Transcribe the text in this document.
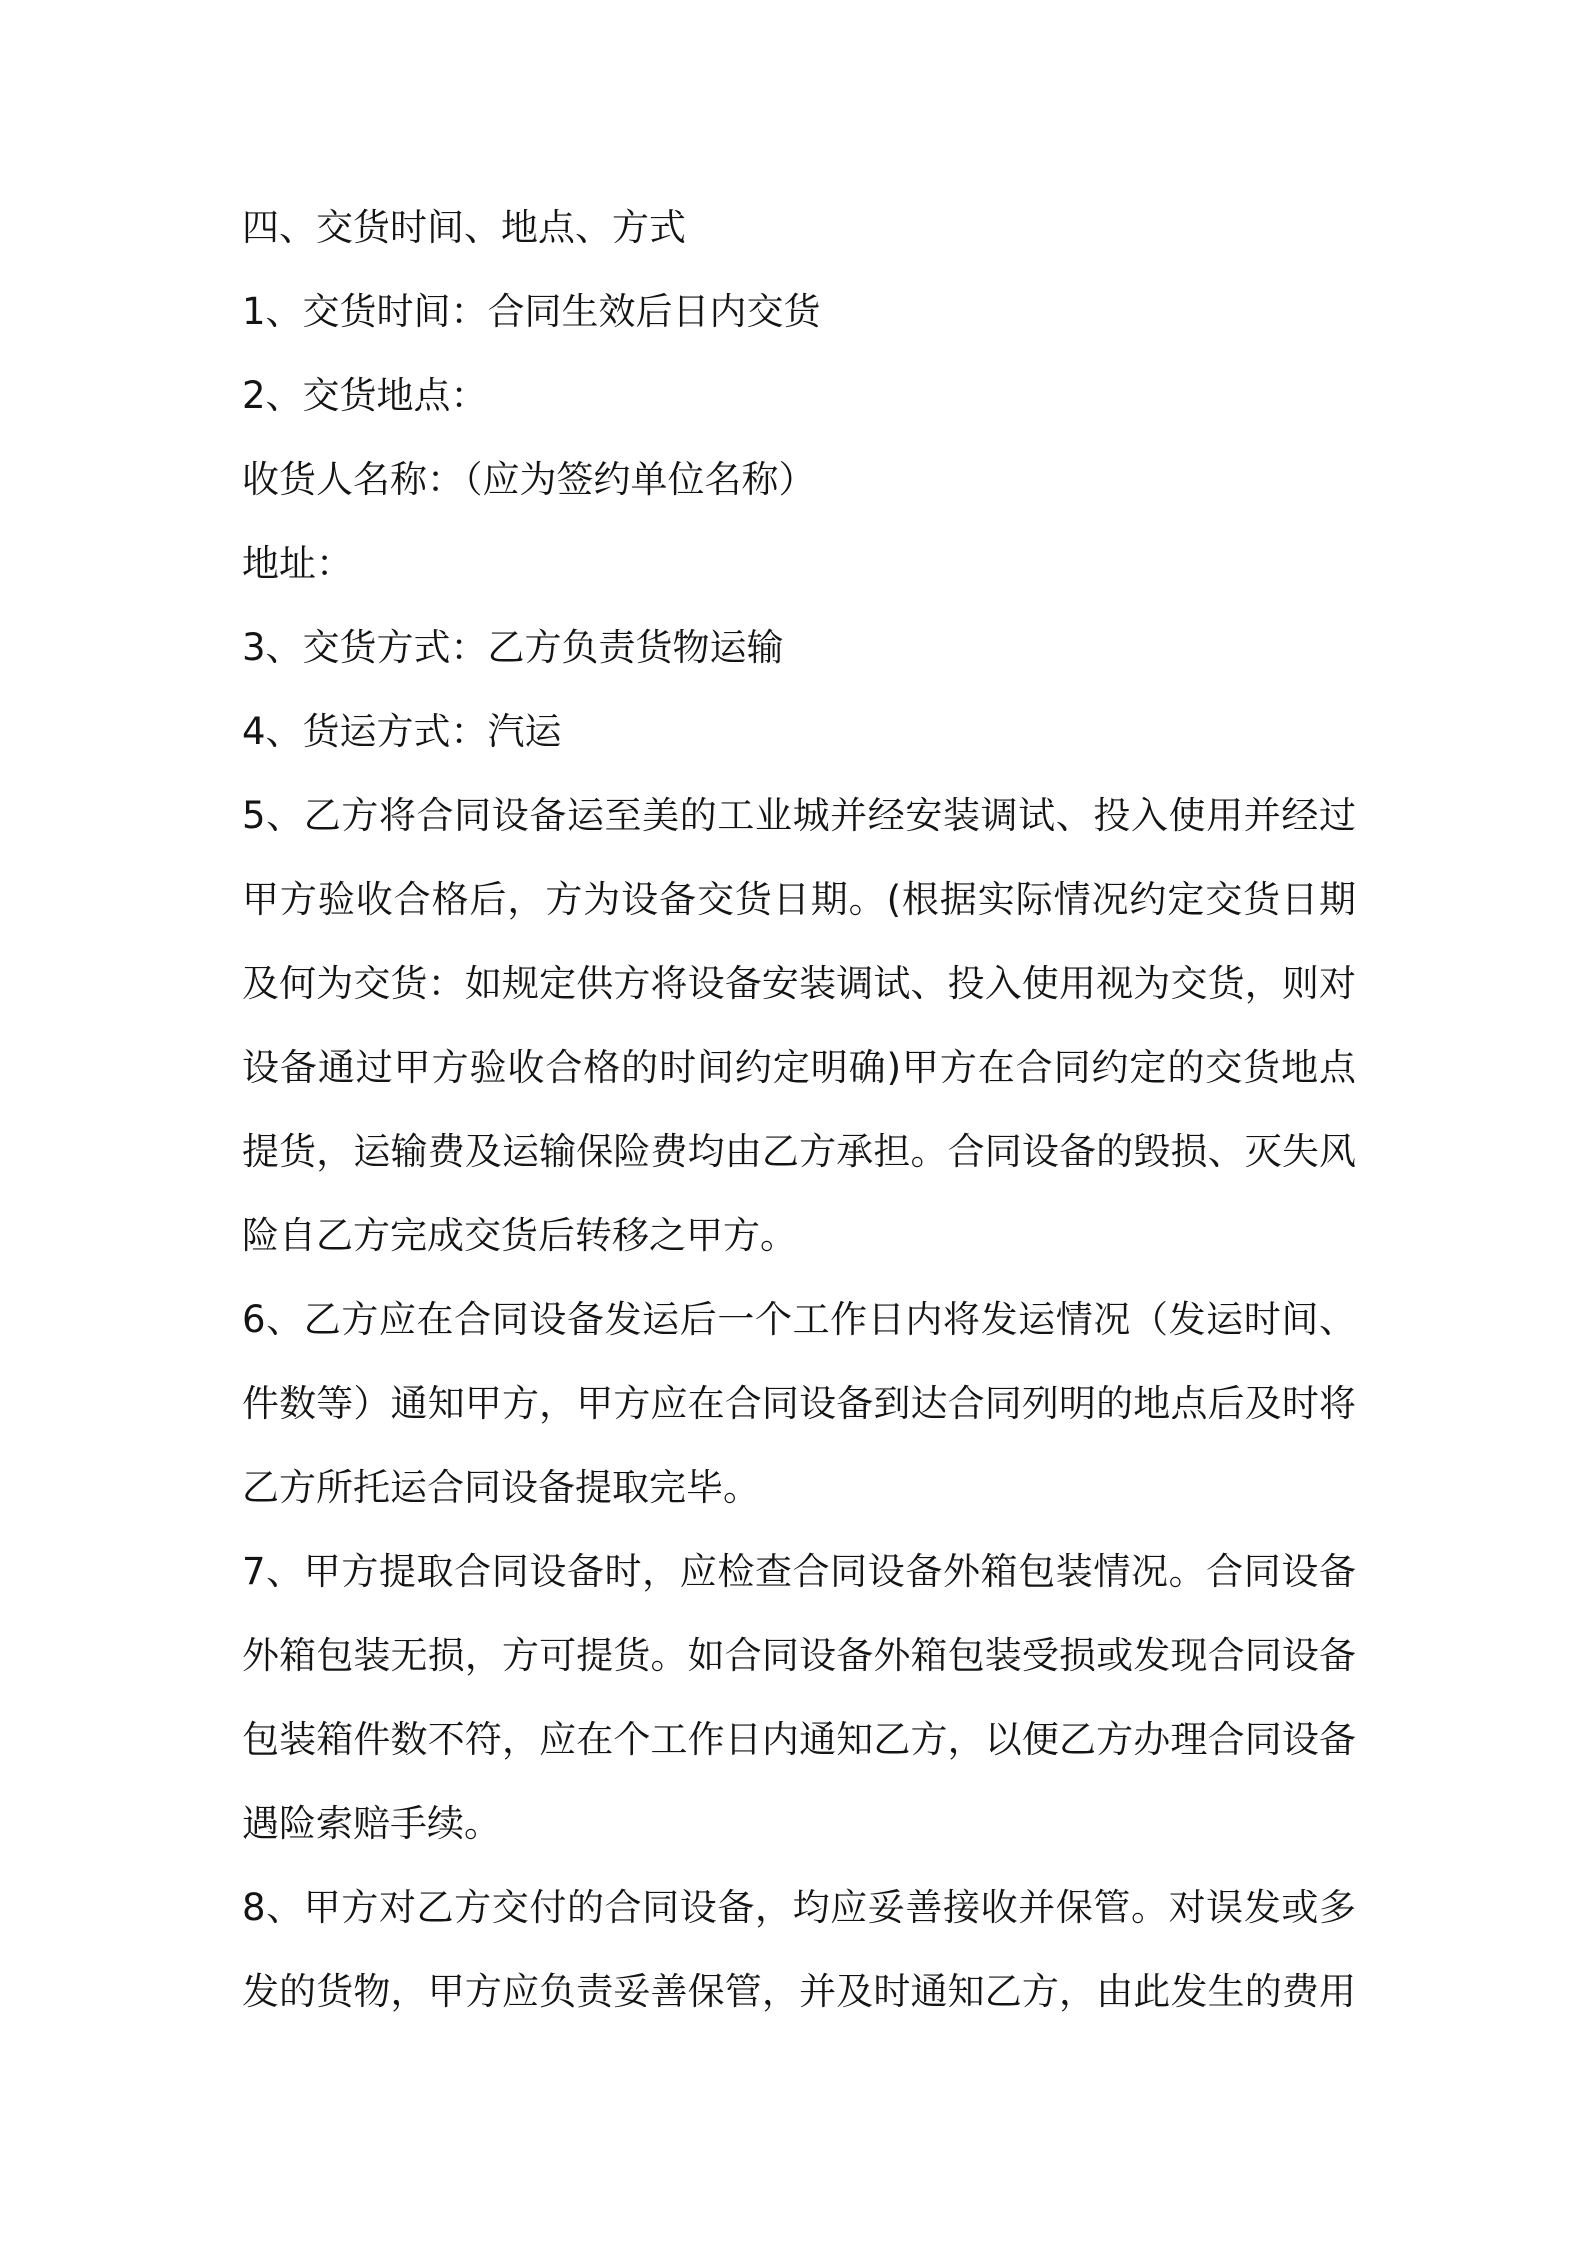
四、交货时间、地点、方式
1、交货时间：合同生效后日内交货
2、交货地点：
收货人名称：（应为签约单位名称）
地址：
3、交货方式：乙方负责货物运输
4、货运方式：汽运
5、乙方将合同设备运至美的工业城并经安装调试、投入使用并经过
甲方验收合格后，方为设备交货日期。(根据实际情况约定交货日期
及何为交货：如规定供方将设备安装调试、投入使用视为交货，则对
设备通过甲方验收合格的时间约定明确)甲方在合同约定的交货地点
提货，运输费及运输保险费均由乙方承担。合同设备的毁损、灭失风
险自乙方完成交货后转移之甲方。
6、乙方应在合同设备发运后一个工作日内将发运情况（发运时间、
件数等）通知甲方，甲方应在合同设备到达合同列明的地点后及时将
乙方所托运合同设备提取完毕。
7、甲方提取合同设备时，应检查合同设备外箱包装情况。合同设备
外箱包装无损，方可提货。如合同设备外箱包装受损或发现合同设备
包装箱件数不符，应在个工作日内通知乙方，以便乙方办理合同设备
遇险索赔手续。
8、甲方对乙方交付的合同设备，均应妥善接收并保管。对误发或多
发的货物，甲方应负责妥善保管，并及时通知乙方，由此发生的费用
